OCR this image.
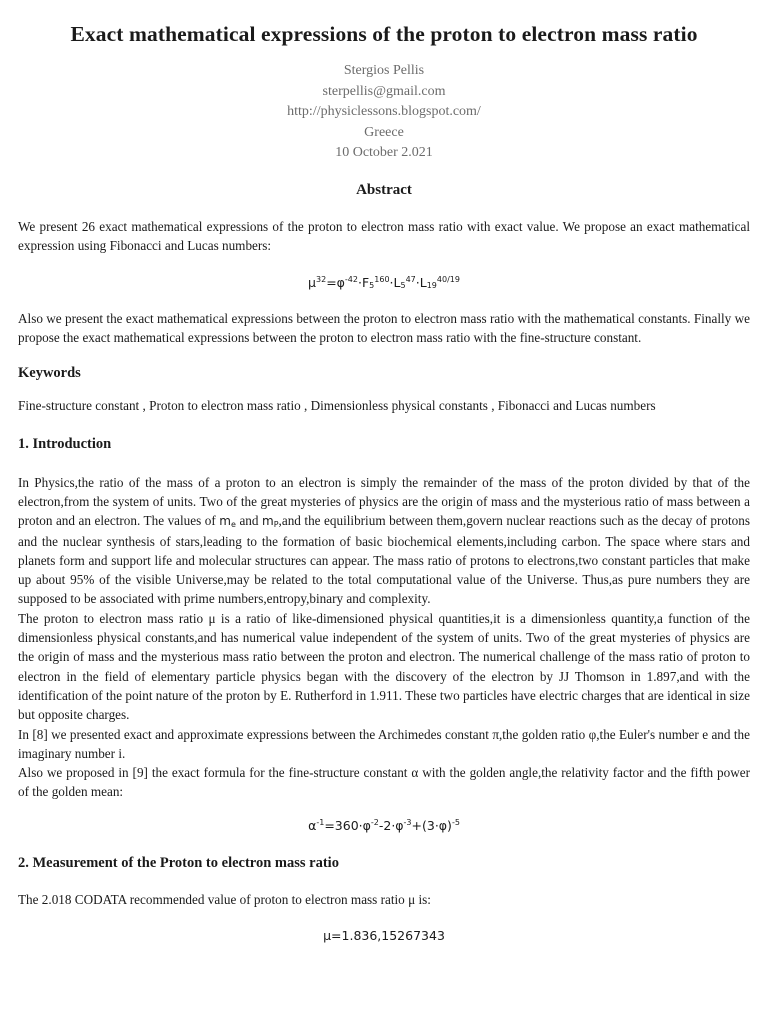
Exact mathematical expressions of the proton to electron mass ratio
Stergios Pellis
sterpellis@gmail.com
http://physiclessons.blogspot.com/
Greece
10 October 2.021
Abstract
We present 26 exact mathematical expressions of the proton to electron mass ratio with exact value. We propose an exact mathematical expression using Fibonacci and Lucas numbers:
$\mu^{32}=\varphi^{-42}\cdot F_5^{160}\cdot L_5^{47}\cdot L_{19}^{40/19}$
Also we present the exact mathematical expressions between the proton to electron mass ratio with the mathematical constants. Finally we propose the exact mathematical expressions between the proton to electron mass ratio with the fine-structure constant.
Keywords
Fine-structure constant , Proton to electron mass ratio , Dimensionless physical constants , Fibonacci and Lucas numbers
1. Introduction
In Physics,the ratio of the mass of a proton to an electron is simply the remainder of the mass of the proton divided by that of the electron,from the system of units. Two of the great mysteries of physics are the origin of mass and the mysterious ratio of mass between a proton and an electron. The values of $m_e$ and $m_P,and$ the equilibrium between them,govern nuclear reactions such as the decay of protons and the nuclear synthesis of stars,leading to the formation of basic biochemical elements,including carbon. The space where stars and planets form and support life and molecular structures can appear. The mass ratio of protons to electrons,two constant particles that make up about 95% of the visible Universe,may be related to the total computational value of the Universe. Thus,as pure numbers they are supposed to be associated with prime numbers,entropy,binary and complexity.
The proton to electron mass ratio μ is a ratio of like-dimensioned physical quantities,it is a dimensionless quantity,a function of the dimensionless physical constants,and has numerical value independent of the system of units. Two of the great mysteries of physics are the origin of mass and the mysterious mass ratio between the proton and electron. The numerical challenge of the mass ratio of proton to electron in the field of elementary particle physics began with the discovery of the electron by JJ Thomson in 1.897,and with the identification of the point nature of the proton by E. Rutherford in 1.911. These two particles have electric charges that are identical in size but opposite charges.
In [8] we presented exact and approximate expressions between the Archimedes constant π,the golden ratio φ,the Euler's number e and the imaginary number i.
Also we proposed in [9] the exact formula for the fine-structure constant α with the golden angle,the relativity factor and the fifth power of the golden mean:
$\alpha^{-1}=360\cdot\varphi^{-2}-2\cdot\varphi^{-3}+(3\cdot\varphi)^{-5}$
2. Measurement of the Proton to electron mass ratio
The 2.018 CODATA recommended value of proton to electron mass ratio μ is:
μ=1.836,15267343
